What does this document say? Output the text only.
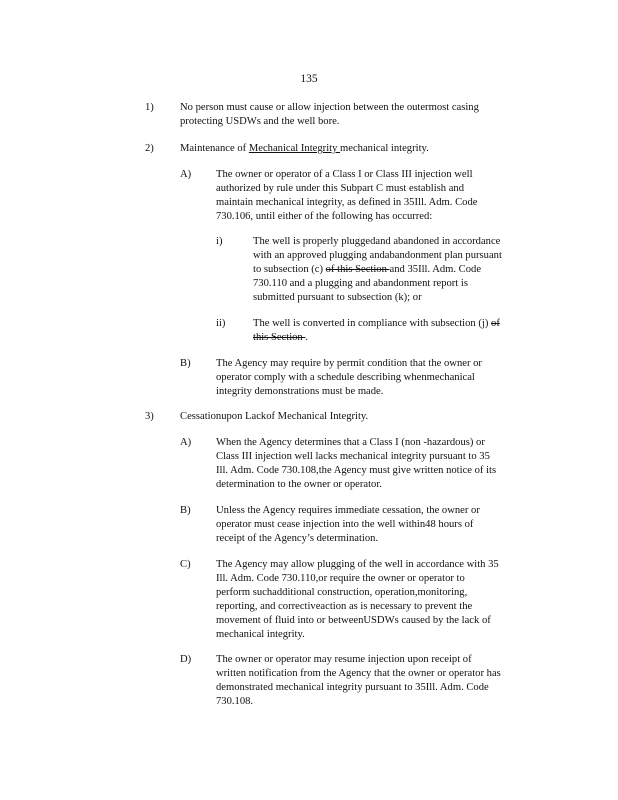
135
1) No person must cause or allow injection between the outermost casing
protecting USDWs and the well bore.
2) Maintenance of Mechanical Integrity mechanical integrity.
A) The owner or operator of a Class I or Class III injection well
authorized by rule under this Subpart C must establish and
maintain mechanical integrity, as defined in 35Ill. Adm. Code
730.106, until either of the following has occurred:
i)	The well is properly pluggedand abandoned in accordance
with an approved plugging andabandonment plan pursuant
to subsection (c) of this Section and 35Ill. Adm. Code
730.110 and a plugging and abandonment report is
submitted pursuant to subsection (k); or
ii)	The well is converted in compliance with subsection (j) of
this Section .
B) The Agency may require by permit condition that the owner or
operator comply with a schedule describing whenmechanical
integrity demonstrations must be made.
3) Cessationupon Lackof Mechanical Integrity.
A) When the Agency determines that a Class I (non -hazardous) or
Class III injection well lacks mechanical integrity pursuant to 35
Ill. Adm. Code 730.108,the Agency must give written notice of its
determination to the owner or operator.
B) Unless the Agency requires immediate cessation, the owner or
operator must cease injection into the well within48 hours of
receipt of the Agency’s determination.
C) The Agency may allow plugging of the well in accordance with 35
Ill. Adm. Code 730.110,or require the owner or operator to
perform suchadditional construction, operation,monitoring,
reporting, and correctiveaction as is necessary to prevent the
movement of fluid into or betweenUSDWs caused by the lack of
mechanical integrity.
D) The owner or operator may resume injection upon receipt of
written notification from the Agency that the owner or operator has
demonstrated mechanical integrity pursuant to 35Ill. Adm. Code
730.108.
